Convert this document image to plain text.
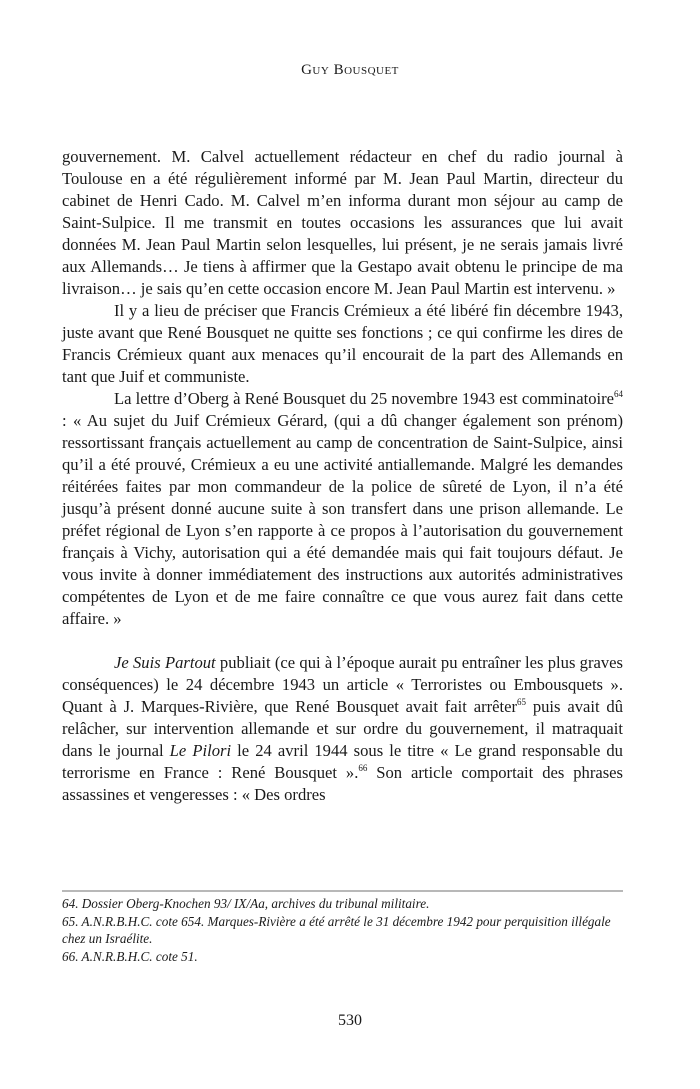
Guy Bousquet

gouvernement. M. Calvel actuellement rédacteur en chef du radio journal à Toulouse en a été régulièrement informé par M. Jean Paul Martin, directeur du cabinet de Henri Cado. M. Calvel m’en informa durant mon séjour au camp de Saint-Sulpice. Il me transmit en toutes occasions les assurances que lui avait données M. Jean Paul Martin selon lesquelles, lui présent, je ne serais jamais livré aux Allemands… Je tiens à affirmer que la Gestapo avait obtenu le principe de ma livraison… je sais qu’en cette occasion encore M. Jean Paul Martin est intervenu. »

Il y a lieu de préciser que Francis Crémieux a été libéré fin décembre 1943, juste avant que René Bousquet ne quitte ses fonctions ; ce qui confirme les dires de Francis Crémieux quant aux menaces qu’il encourait de la part des Allemands en tant que Juif et communiste.

La lettre d’Oberg à René Bousquet du 25 novembre 1943 est comminatoire$^{64}$ : « Au sujet du Juif Crémieux Gérard, (qui a dû changer également son prénom) ressortissant français actuellement au camp de concentration de Saint-Sulpice, ainsi qu’il a été prouvé, Crémieux a eu une activité antiallemande. Malgré les demandes réitérées faites par mon commandeur de la police de sûreté de Lyon, il n’a été jusqu’à présent donné aucune suite à son transfert dans une prison allemande. Le préfet régional de Lyon s’en rapporte à ce propos à l’autorisation du gouvernement français à Vichy, autorisation qui a été demandée mais qui fait toujours défaut. Je vous invite à donner immédiatement des instructions aux autorités administratives compétentes de Lyon et de me faire connaître ce que vous aurez fait dans cette affaire. »

Je Suis Partout publiait (ce qui à l’époque aurait pu entraîner les plus graves conséquences) le 24 décembre 1943 un article « Terroristes ou Embousquets ». Quant à J. Marques-Rivière, que René Bousquet avait fait arrêter$^{65}$ puis avait dû relâcher, sur intervention allemande et sur ordre du gouvernement, il matraquait dans le journal Le Pilori le 24 avril 1944 sous le titre « Le grand responsable du terrorisme en France : René Bousquet ».$^{66}$ Son article comportait des phrases assassines et vengeresses : « Des ordres

64. Dossier Oberg-Knochen 93/ IX/Aa, archives du tribunal militaire.

65. A.N.R.B.H.C. cote 654. Marques-Rivière a été arrêté le 31 décembre 1942 pour perquisition illégale chez un Israélite.

66. A.N.R.B.H.C. cote 51.

530
